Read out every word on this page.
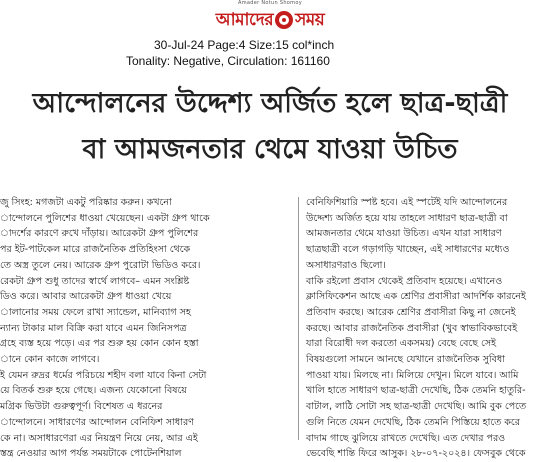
Amader Notun Shomoy
আমাদের সময়
30-Jul-24 Page:4 Size:15 col*inch
Tonality: Negative, Circulation: 161160
আন্দোলনের উদ্দেশ্য অর্জিত হলে ছাত্র-ছাত্রী
বা আমজনতার থেমে যাওয়া উচিত
জু সিংহ: মগজটা একটু পরিষ্কার করুন। কখনো
ান্দোলনে পুলিশের ধাওয়া খেয়েছেন। একটা গ্রুপ থাকে
াদর্শের কারণে রুখে দাঁড়ায়। আরেকটা গ্রুপ পুলিশের
পর ইট-পাটকেল মারে রাজনৈতিক প্রতিহিংসা থেকে
তে অস্ত্র তুলে নেয়। আরেক গ্রুপ পুরোটা ভিডিও করে।
রেকটা গ্রুপ শুধু তাদের স্বার্থে লাগবে– এমন সংশ্লিষ্ট
ডিও করে। আবার আরেকটা গ্রুপ ধাওয়া খেয়ে
ালানোর সময় ফেলে রাখা স্যান্ডেল, মানিব্যাগ সহ
ন্যান্য টাকার মাল বিক্রি করা যাবে এমন জিনিসপত্র
গ্রহে ব্যস্ত হয়ে পড়ে। এর পর শুরু হয় কোন কোন হস্তা
ানে কোন কাজে লাগবে।
ই যেমন রুদ্রর ধর্মের পরিচয়ে শহীদ বলা যাবে কিনা সেটা
য়ে বিতর্ক শুরু হয়ে গেছে। এজন্য যেকোনো বিষয়ে
মগ্রিক ভিউটা গুরুত্বপূর্ণ। বিশেষত এ ধরনের
ান্দোলনে। সাধারণের আন্দোলন বেনিফিশ সাধারণ
কে না। অসাধারণেরা এর নিয়ন্ত্রণ নিয়ে নেয়, আর এই
স্তন্ত্র নেওয়ার আগ পর্যন্ত সময়টাকে পোটেনশিয়াল
বেনিফিশিয়ারি স্পষ্ট হবে। এই স্পটেই যদি আন্দোলনের
উদ্দেশ্য অর্জিত হয়ে যায় তাহলে সাধারণ ছাত্র-ছাত্রী বা
আমজনতার থেমে যাওয়া উচিত। এখন যারা সাধারণ
ছাত্রছাত্রী বলে গড়াগড়ি খাচ্ছেন, এই সাধারণের মধ্যেও
অসাধারণরাও ছিলো।
বাকি রইলো প্রবাস থেকেই প্রতিবাদ হয়েছে। এখানেও
ক্লাসিফিকেশন আছে এক শ্রেণির প্রবাসীরা আদর্শিক কারনেই
প্রতিবাদ করছে। আরেক শ্রেণির প্রবাসীরা কিছু না জেনেই
করছে। আবার রাজনৈতিক প্রবাসীরা (খুব স্বাভাবিকভাবেই
যারা বিরোধী দল করতো একসময়) বেছে বেছে সেই
বিষয়গুলো সামনে আনছে যেখানে রাজনৈতিক সুবিধা
পাওয়া যায়। মিলছে না। মিলিয়ে দেখুন। মিলে যাবে। আমি
খালি হাতে সাধারণ ছাত্র-ছাত্রী দেখেছি, ঠিক তেমনি হাতুরি-
বাটাল, লাঠি সোটা সহ ছাত্র-ছাত্রী দেখেছি। আমি বুক পেতে
গুলি নিতে যেমন দেখেছি, ঠিক তেমনি পিস্তিয়ে হাতে করে
বাদাম গাছে ঝুলিয়ে রাখতে দেখেছি। এত দেখার পরও
ভেবেছি শান্তি ফিরে আসুক। ২৮-০৭-২০২৪। ফেসবুক থেকে
